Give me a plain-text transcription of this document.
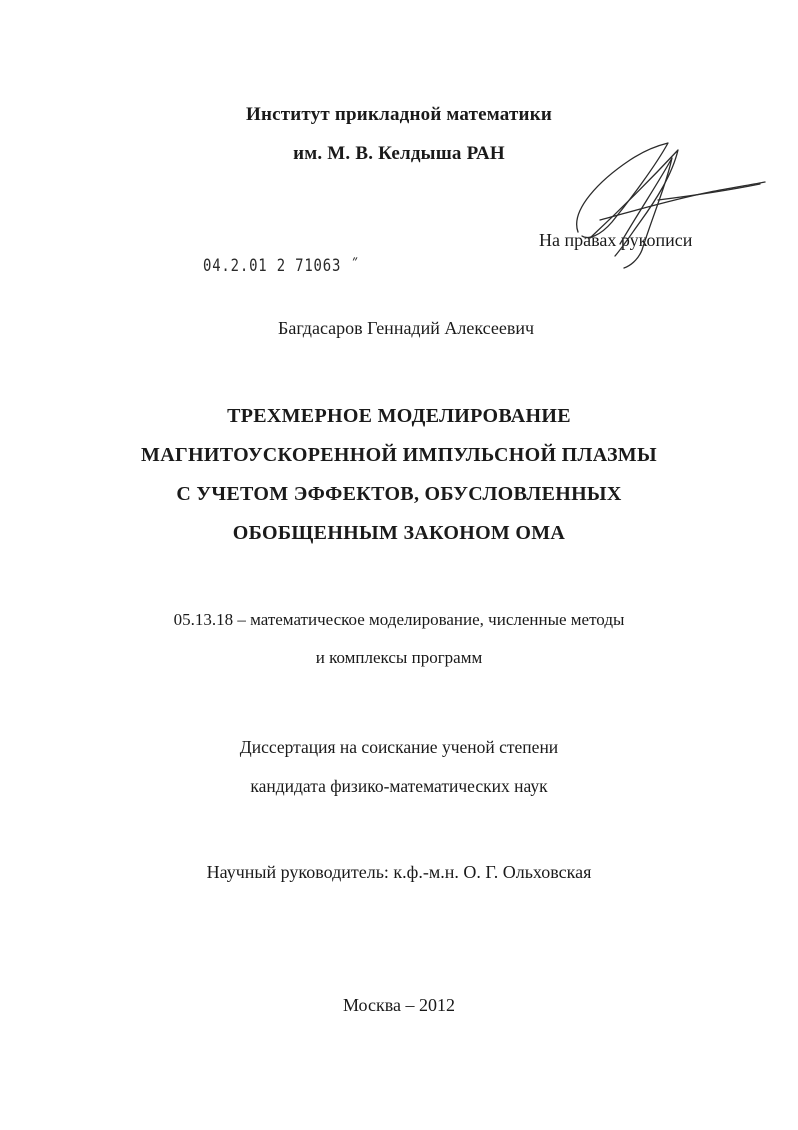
Институт прикладной математики
им. М. В. Келдыша РАН
На правах рукописи
04.2.01 2 71063 ˝
Багдасаров Геннадий Алексеевич
ТРЕХМЕРНОЕ МОДЕЛИРОВАНИЕ
МАГНИТОУСКОРЕННОЙ ИМПУЛЬСНОЙ ПЛАЗМЫ
С УЧЕТОМ ЭФФЕКТОВ, ОБУСЛОВЛЕННЫХ
ОБОБЩЕННЫМ ЗАКОНОМ ОМА
05.13.18 – математическое моделирование, численные методы
и комплексы программ
Диссертация на соискание ученой степени
кандидата физико-математических наук
Научный руководитель: к.ф.-м.н. О. Г. Ольховская
Москва – 2012
